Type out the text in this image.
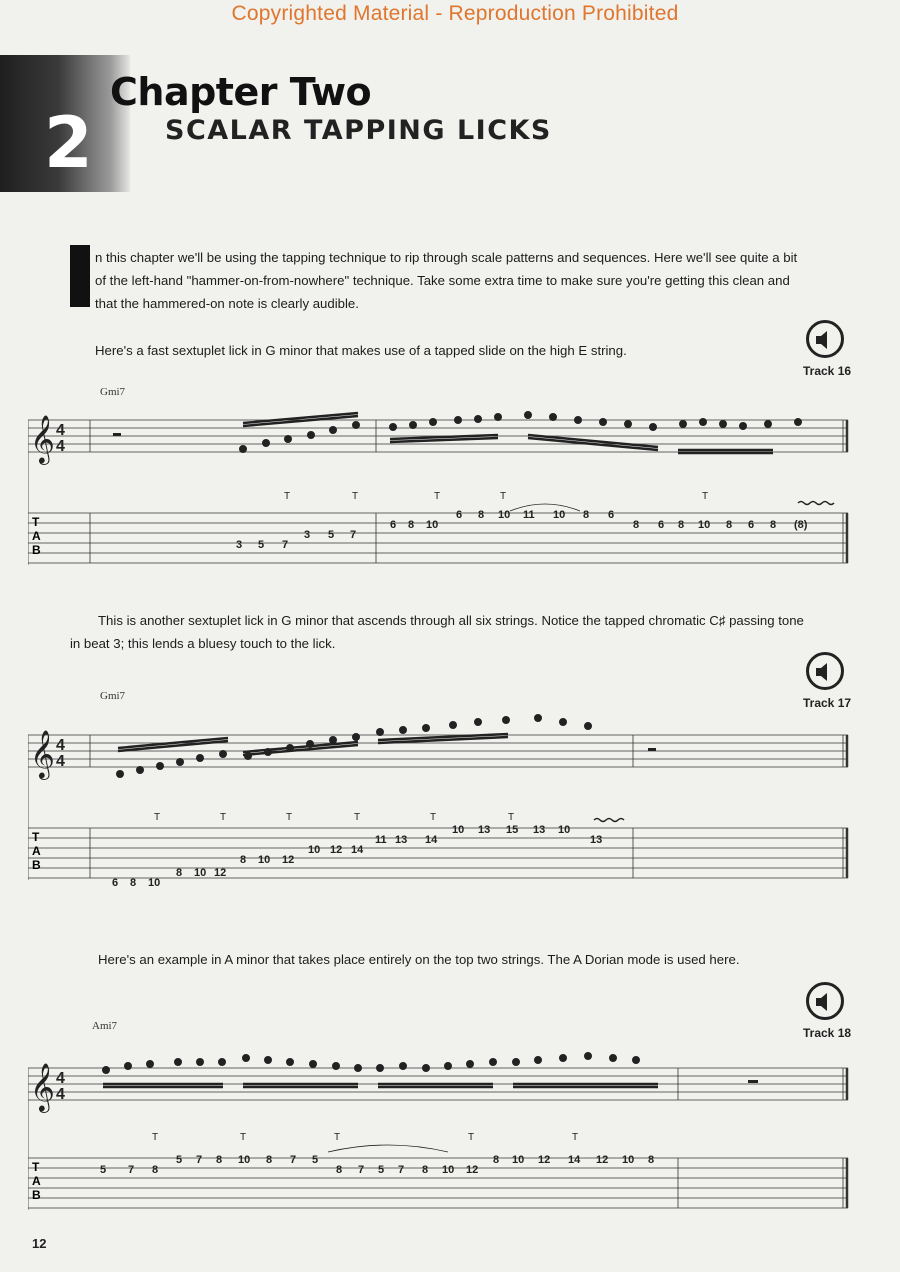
Copyrighted Material - Reproduction Prohibited
2
Chapter Two
SCALAR TAPPING LICKS
n this chapter we'll be using the tapping technique to rip through scale patterns and sequences. Here we'll see quite a bit of the left-hand "hammer-on-from-nowhere" technique. Take some extra time to make sure you're getting this clean and that the hammered-on note is clearly audible.
Here's a fast sextuplet lick in G minor that makes use of a tapped slide on the high E string.
Track 16
Gmi7
𝄞 4
4
T
A
B	3 5 7
3 5 7
6 8 10
6 8 10 11 10 8 6
8 6 8 10 8 6 8 (8)
T	T	T	T	T
This is another sextuplet lick in G minor that ascends through all six strings. Notice the tapped chromatic C♯ passing tone in beat 3; this lends a bluesy touch to the lick.
Track 17
Gmi7
𝄞 4
4
T
A
B
6 8 10
8 10 12
8 10 12
10 12 14
11 13 14
10 13 15 13 10
13
T	T	T	T	T	T
Here's an example in A minor that takes place entirely on the top two strings. The A Dorian mode is used here.
Track 18
Ami7
𝄞 4
4
T
A
B
5 7 8
5 7 8 10 8 7 5
8 7 5 7 8 10 12
8 10 12 14 12 10 8
T	T	T	T	T
12
